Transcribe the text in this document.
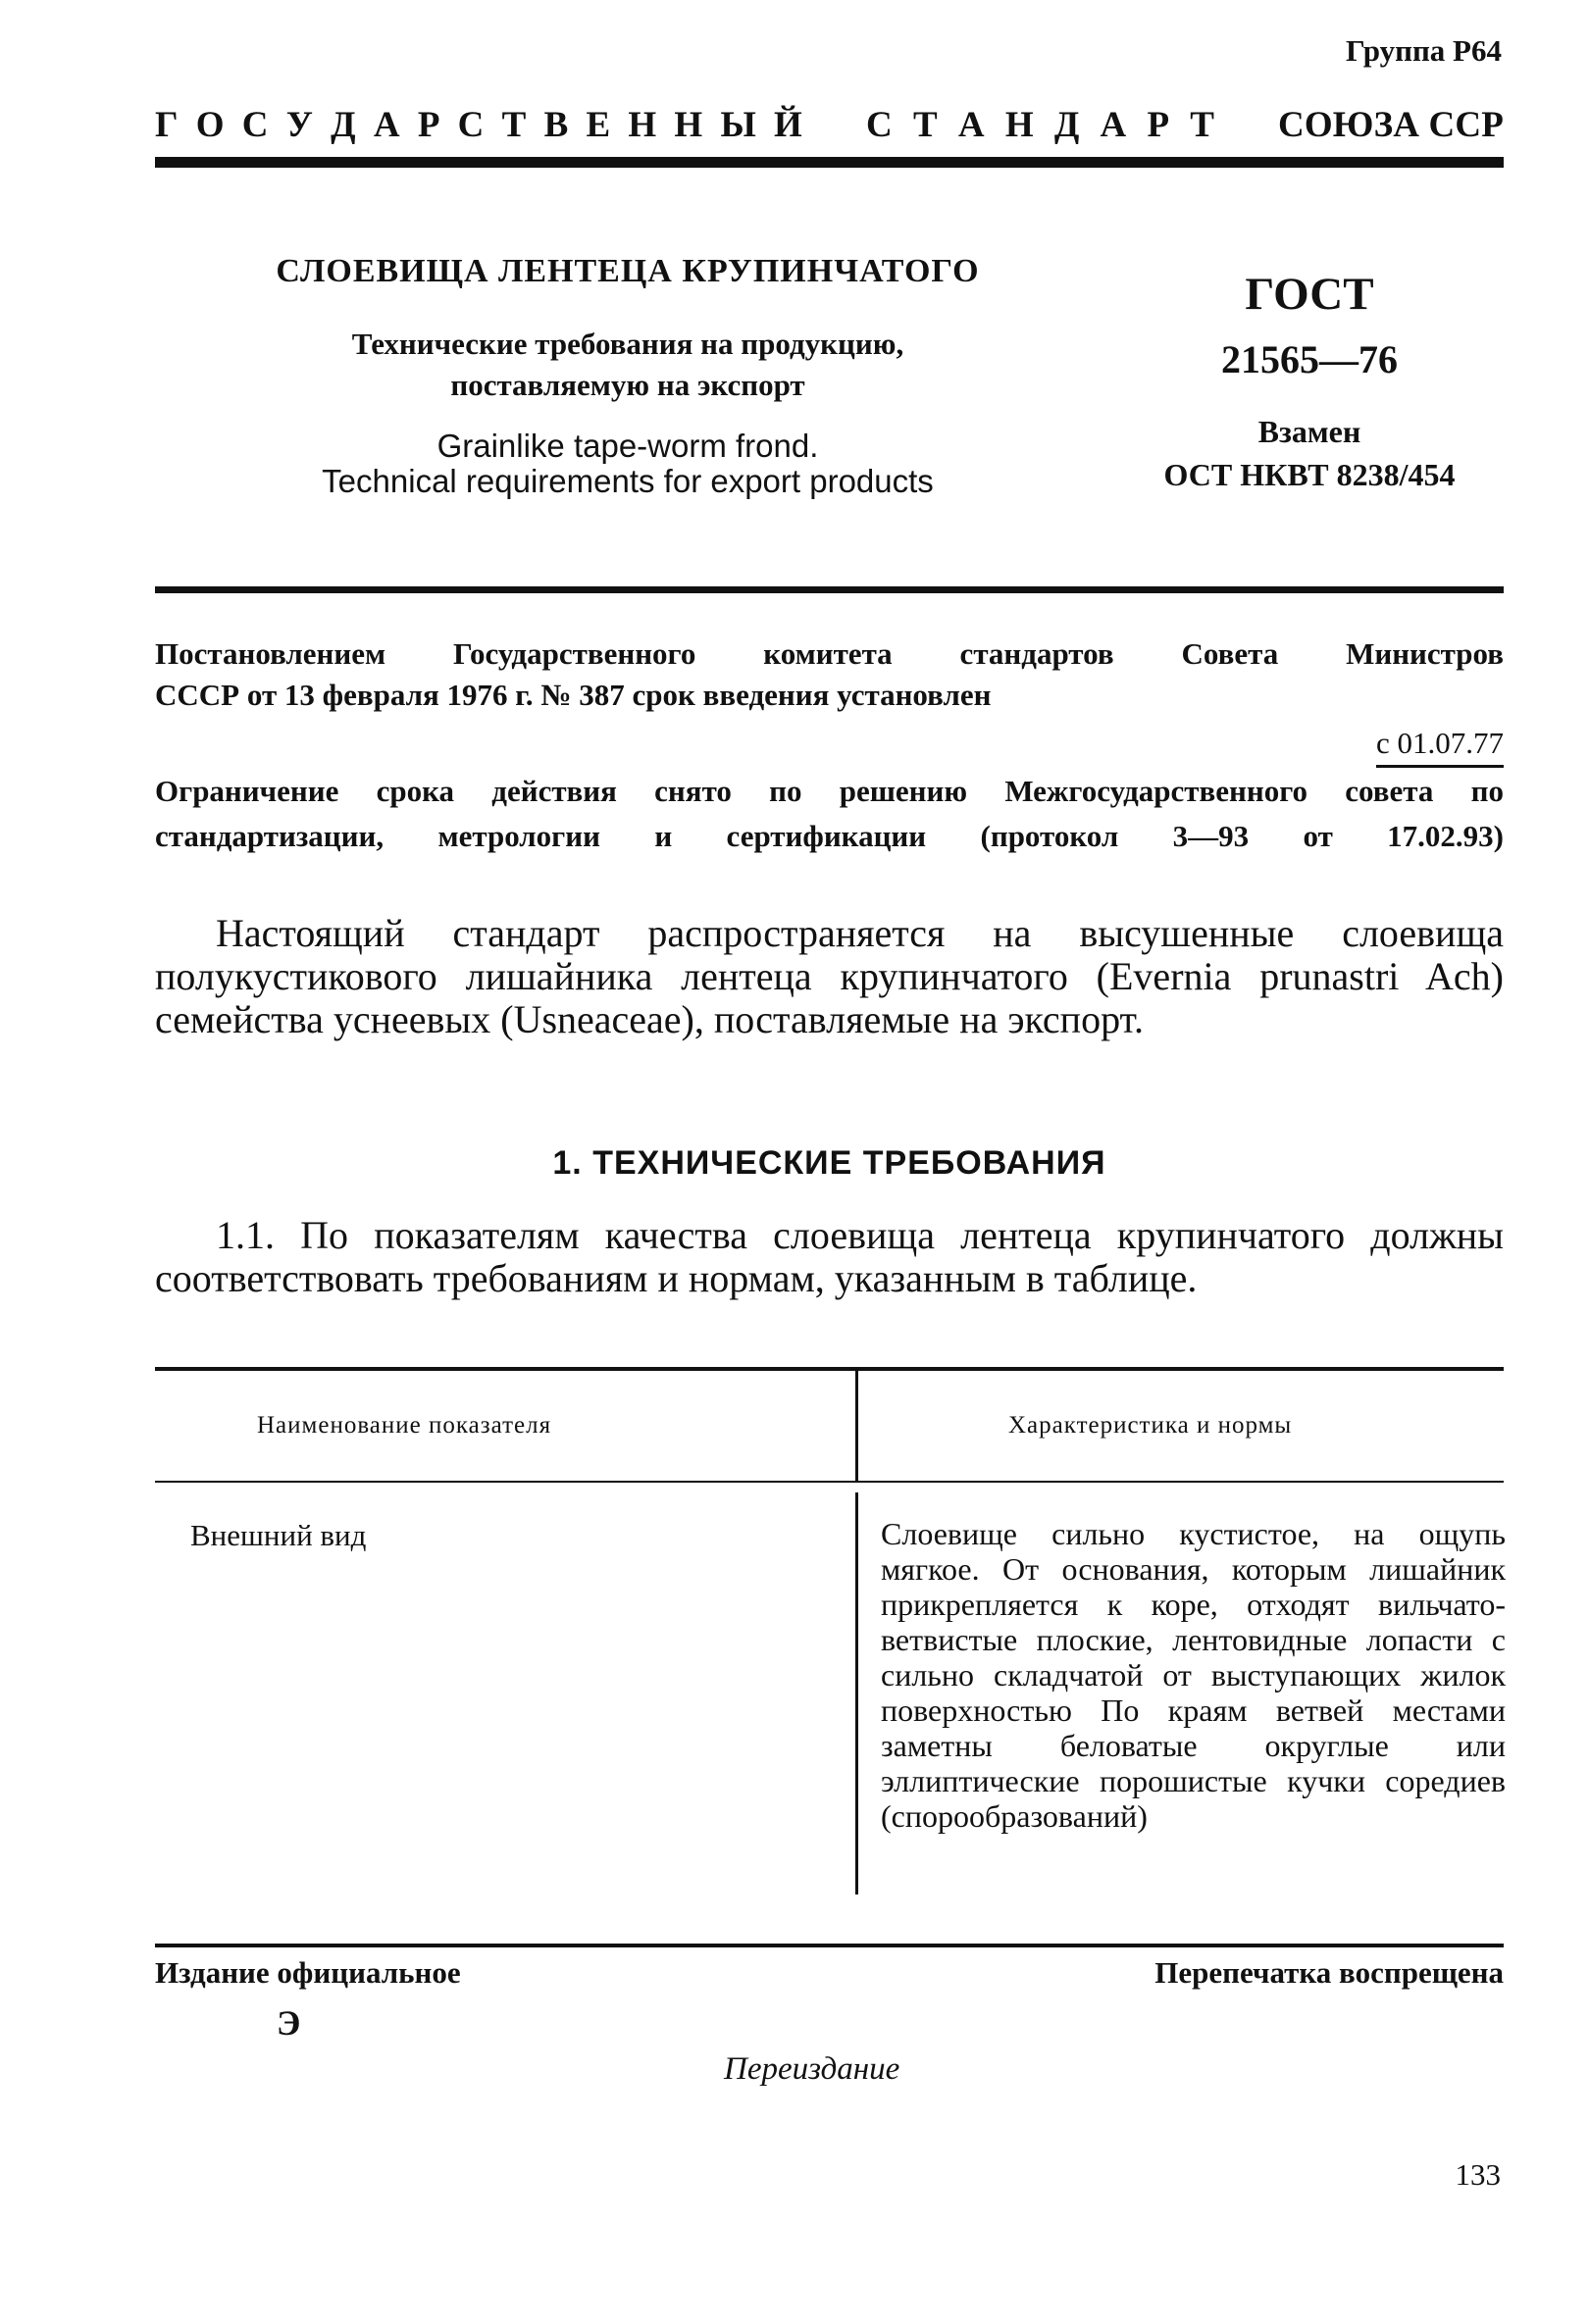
Группа Р64
Г О С У Д А Р С Т В Е Н Н Ы Й С Т А Н Д А Р Т С О Ю З А
С С Р
СЛОЕВИЩА ЛЕНТЕЦА КРУПИНЧАТОГО
Технические требования на продукцию,
поставляемую на экспорт
Grainlike tape-worm frond.
Technical requirements for export products
ГОСТ
21565—76
Взамен
ОСТ НКВТ 8238/454
Постановлением Государственного комитета стандартов Совета Министров
СССР от 13 февраля 1976 г. № 387 срок введения установлен
с 01.07.77
Ограничение срока действия снято по решению Межгосударственного совета по
стандартизации, метрологии и сертификации (протокол 3—93 от 17.02.93)
Настоящий стандарт распространяется на высушенные слоевища полукустикового лишайника лентеца крупинчатого (Evernia prunastri Ach) семейства уснеевых (Usneaceae), поставляемые на экспорт.
1. ТЕХНИЧЕСКИЕ ТРЕБОВАНИЯ
1.1. По показателям качества слоевища лентеца крупинчатого должны соответствовать требованиям и нормам, указанным в таблице.
Наименование показателя	Характеристика и нормы
Внешний вид	Слоевище сильно кустистое, на ощупь мягкое. От основания, которым лишайник прикрепляется к коре, отходят вильчато-ветвистые плоские, лентовидные лопасти с сильно складчатой от выступающих жилок поверхностью По краям ветвей местами заметны беловатые округлые или эллиптические порошистые кучки соредиев (спорообразований)
Издание официальное	Перепечатка воспрещена
Э
Переиздание
133
